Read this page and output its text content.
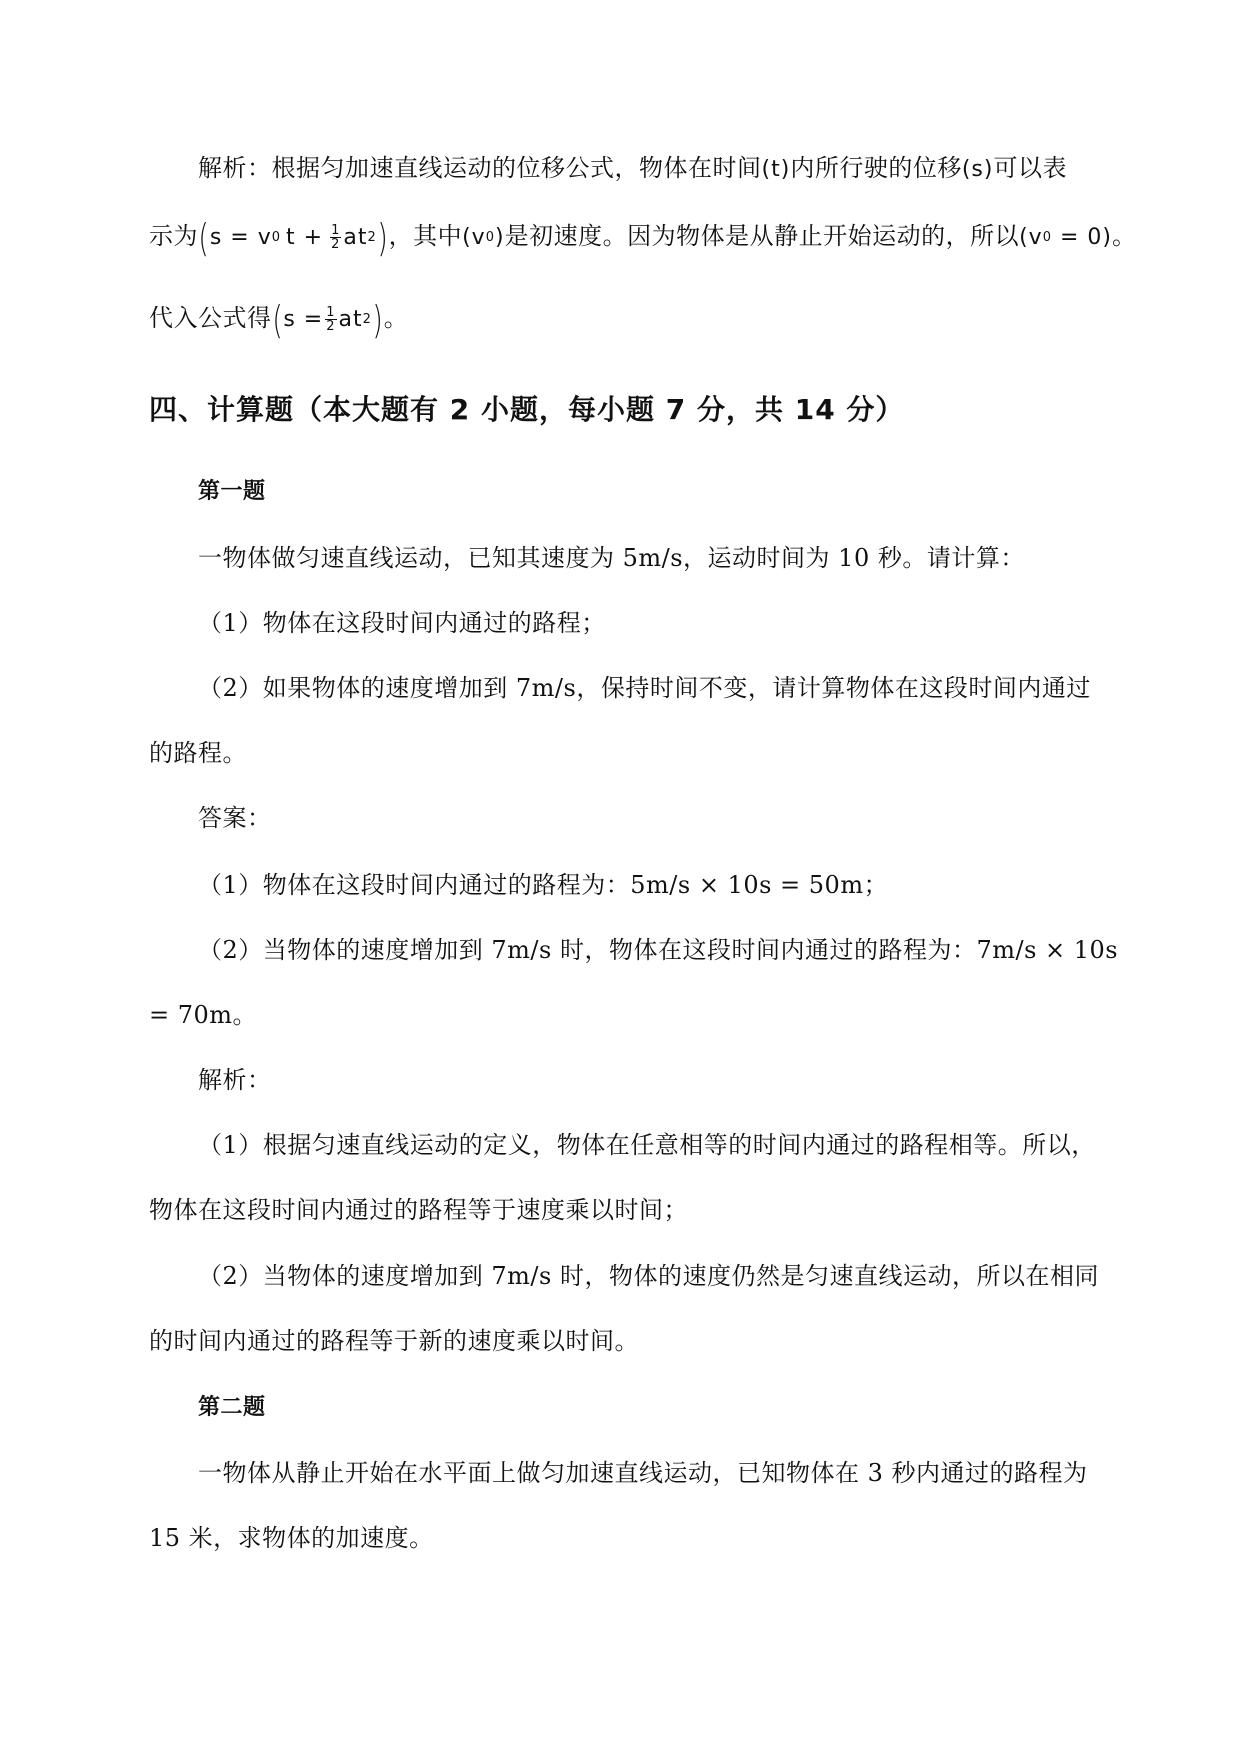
解析：根据匀加速直线运动的位移公式，物体在时间 ( t ) 内所行驶的位移 ( s ) 可以表
示为 ( s = v 0 $t + \frac{1}{2}$ at 2 ) ，其中 ( v 0 ) 是初速度。因为物体是从静止开始运动的，所以 ( v 0 = 0 ) 。
代入公式得 ( $s = \frac{1}{2}$ at 2 ) 。
四、计算题（本大题有 2 小题，每小题 7 分，共 14 分）
第一题
一物体做匀速直线运动，已知其速度为 5m/s，运动时间为 10 秒。请计算：
（1）物体在这段时间内通过的路程；
（2）如果物体的速度增加到 7m/s，保持时间不变，请计算物体在这段时间内通过
的路程。
答案：
（1）物体在这段时间内通过的路程为：5m/s × 10s = 50m；
（2）当物体的速度增加到 7m/s 时，物体在这段时间内通过的路程为：7m/s × 10s
= 70m。
解析：
（1）根据匀速直线运动的定义，物体在任意相等的时间内通过的路程相等。所以，
物体在这段时间内通过的路程等于速度乘以时间；
（2）当物体的速度增加到 7m/s 时，物体的速度仍然是匀速直线运动，所以在相同
的时间内通过的路程等于新的速度乘以时间。
第二题
一物体从静止开始在水平面上做匀加速直线运动，已知物体在 3 秒内通过的路程为
15 米，求物体的加速度。
